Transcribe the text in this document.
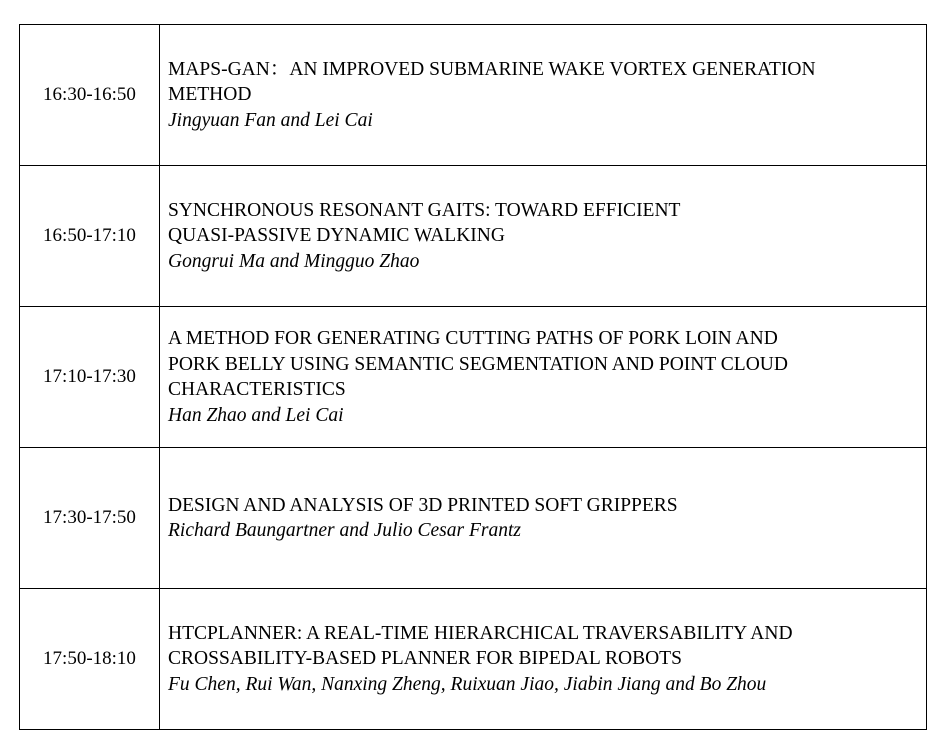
16:30-16:50	MAPS-GAN：AN IMPROVED SUBMARINE WAKE VORTEX GENERATION
METHOD
Jingyuan Fan and Lei Cai

16:50-17:10	SYNCHRONOUS RESONANT GAITS: TOWARD EFFICIENT
QUASI-PASSIVE DYNAMIC WALKING
Gongrui Ma and Mingguo Zhao

17:10-17:30	A METHOD FOR GENERATING CUTTING PATHS OF PORK LOIN AND
PORK BELLY USING SEMANTIC SEGMENTATION AND POINT CLOUD
CHARACTERISTICS
Han Zhao and Lei Cai

17:30-17:50	DESIGN AND ANALYSIS OF 3D PRINTED SOFT GRIPPERS
Richard Baungartner and Julio Cesar Frantz

17:50-18:10	HTCPLANNER: A REAL-TIME HIERARCHICAL TRAVERSABILITY AND
CROSSABILITY-BASED PLANNER FOR BIPEDAL ROBOTS
Fu Chen, Rui Wan, Nanxing Zheng, Ruixuan Jiao, Jiabin Jiang and Bo Zhou
